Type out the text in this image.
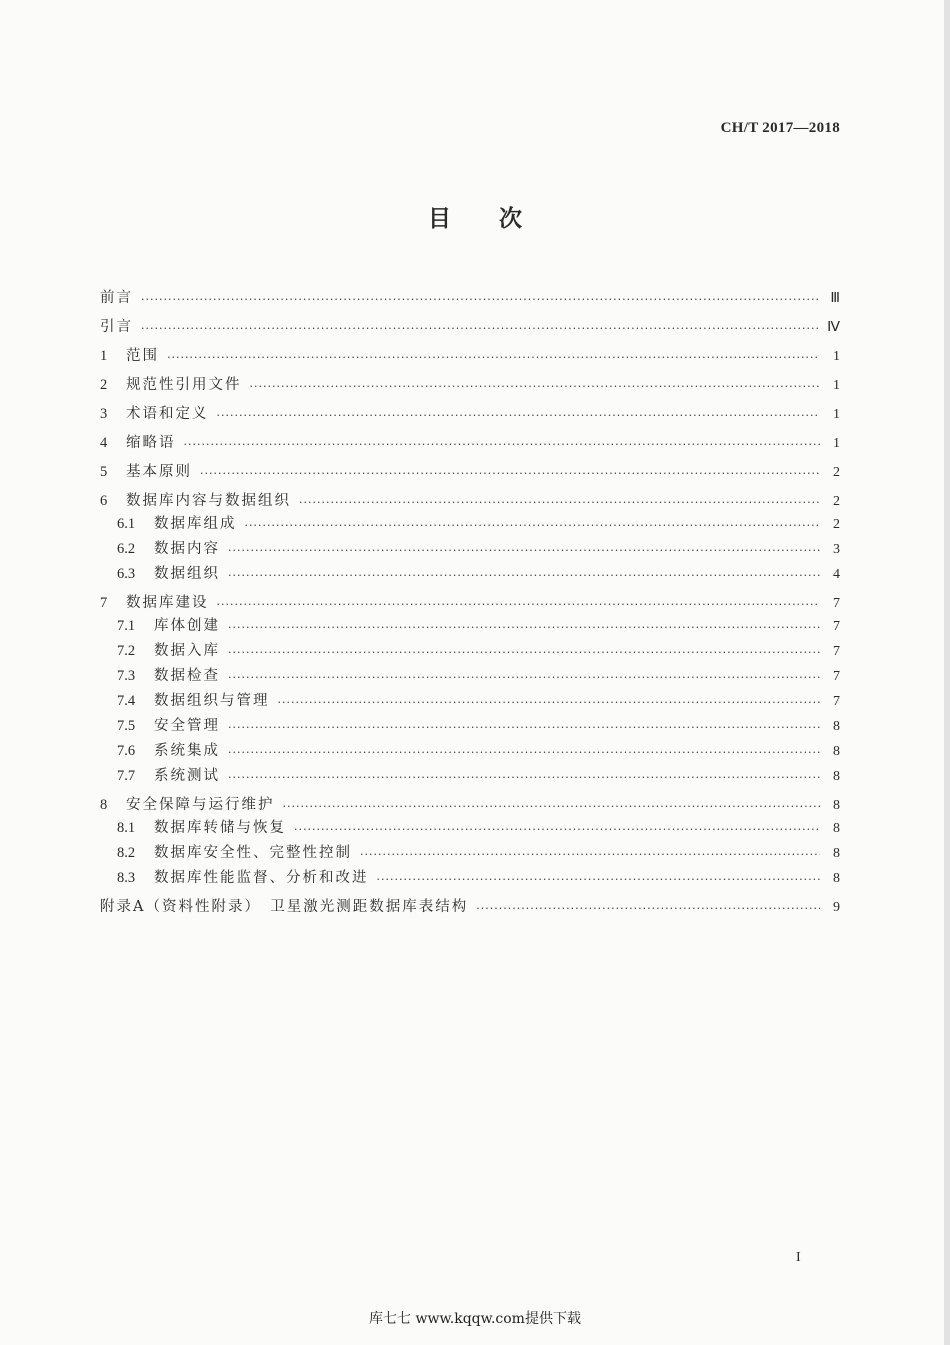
CH/T 2017—2018
目次
前言 ·····	Ⅲ
引言 ·····	Ⅳ
1	范围 ·····	1
2	规范性引用文件 ·····	1
3	术语和定义 ·····	1
4	缩略语 ·····	1
5	基本原则 ·····	2
6	数据库内容与数据组织 ·····	2
6.1	数据库组成 ·····	2
6.2	数据内容 ·····	3
6.3	数据组织 ·····	4
7	数据库建设 ·····	7
7.1	库体创建 ·····	7
7.2	数据入库 ·····	7
7.3	数据检查 ·····	7
7.4	数据组织与管理 ·····	7
7.5	安全管理 ·····	8
7.6	系统集成 ·····	8
7.7	系统测试 ·····	8
8	安全保障与运行维护 ·····	8
8.1	数据库转储与恢复 ·····	8
8.2	数据库安全性、完整性控制 ·····	8
8.3	数据库性能监督、分析和改进 ·····	8
附录A（资料性附录）　卫星激光测距数据库表结构 ·····	9
I
库七七 www.kqqw.com提供下载
